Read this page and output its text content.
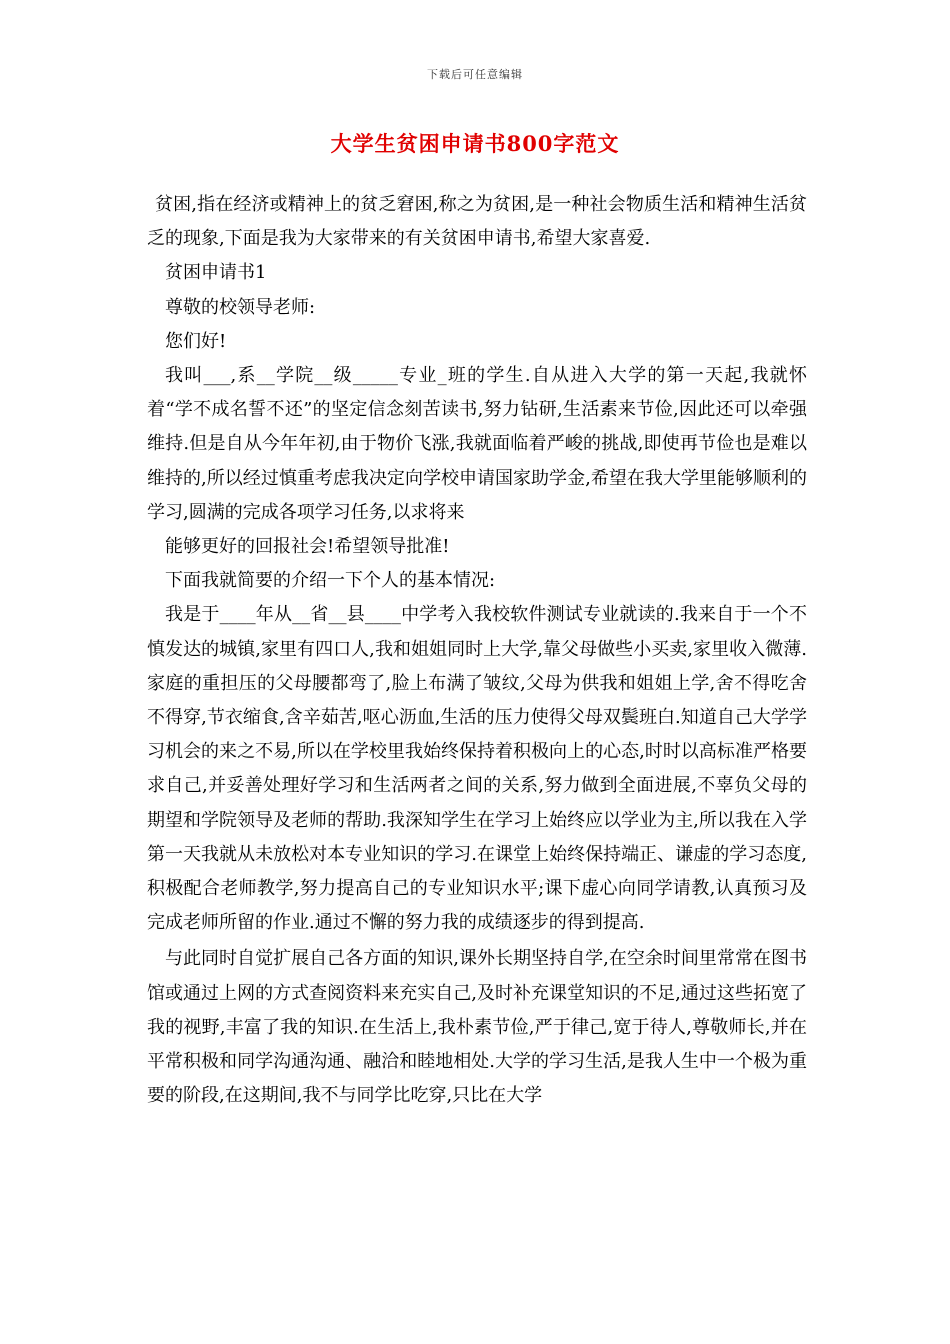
下载后可任意编辑
大学生贫困申请书800字范文

贫困,指在经济或精神上的贫乏窘困,称之为贫困,是一种社会物质生活和精神生活贫乏的现象,下面是我为大家带来的有关贫困申请书,希望大家喜爱.

贫困申请书1

尊敬的校领导老师:

您们好!

我叫___,系__学院__级_____专业_班的学生.自从进入大学的第一天起,我就怀着“学不成名誓不还”的坚定信念刻苦读书,努力钻研,生活素来节俭,因此还可以牵强维持.但是自从今年年初,由于物价飞涨,我就面临着严峻的挑战,即使再节俭也是难以维持的,所以经过慎重考虑我决定向学校申请国家助学金,希望在我大学里能够顺利的学习,圆满的完成各项学习任务,以求将来

能够更好的回报社会!希望领导批准!

下面我就简要的介绍一下个人的基本情况:

我是于____年从__省__县____中学考入我校软件测试专业就读的.我来自于一个不慎发达的城镇,家里有四口人,我和姐姐同时上大学,靠父母做些小买卖,家里收入微薄.家庭的重担压的父母腰都弯了,脸上布满了皱纹,父母为供我和姐姐上学,舍不得吃舍不得穿,节衣缩食,含辛茹苦,呕心沥血,生活的压力使得父母双鬓班白.知道自己大学学习机会的来之不易,所以在学校里我始终保持着积极向上的心态,时时以高标准严格要求自己,并妥善处理好学习和生活两者之间的关系,努力做到全面进展,不辜负父母的期望和学院领导及老师的帮助.我深知学生在学习上始终应以学业为主,所以我在入学第一天我就从未放松对本专业知识的学习.在课堂上始终保持端正、谦虚的学习态度,积极配合老师教学,努力提高自己的专业知识水平;课下虚心向同学请教,认真预习及完成老师所留的作业.通过不懈的努力我的成绩逐步的得到提高.

与此同时自觉扩展自己各方面的知识,课外长期坚持自学,在空余时间里常常在图书馆或通过上网的方式查阅资料来充实自己,及时补充课堂知识的不足,通过这些拓宽了我的视野,丰富了我的知识.在生活上,我朴素节俭,严于律己,宽于待人,尊敬师长,并在平常积极和同学沟通沟通、融洽和睦地相处.大学的学习生活,是我人生中一个极为重要的阶段,在这期间,我不与同学比吃穿,只比在大学
